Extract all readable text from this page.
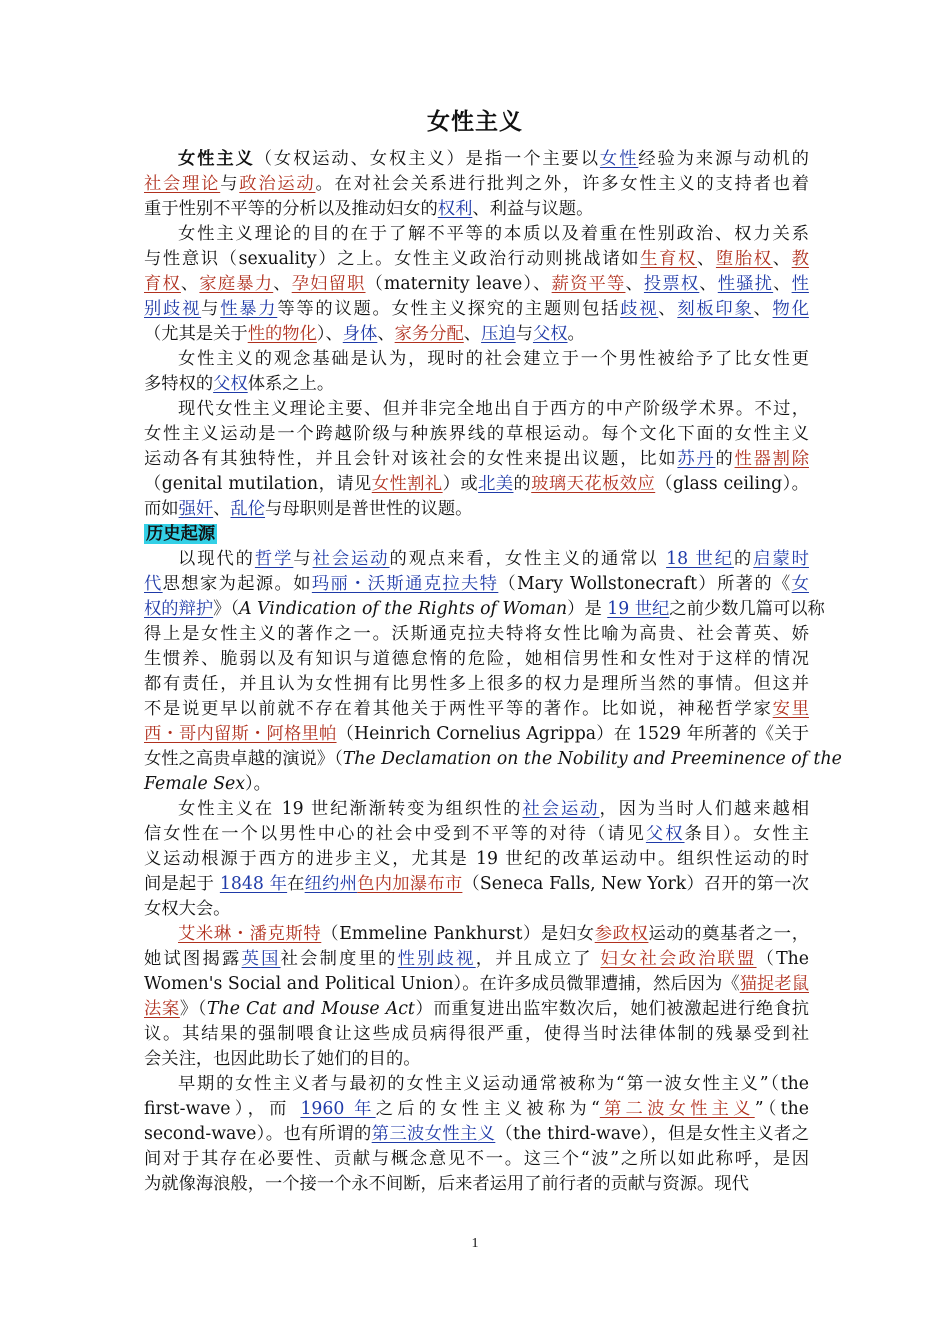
女性主义
女性主义（女权运动、女权主义）是指一个主要以女性经验为来源与动机的
社会理论与政治运动。在对社会关系进行批判之外，许多女性主义的支持者也着
重于性别不平等的分析以及推动妇女的权利、利益与议题。
女性主义理论的目的在于了解不平等的本质以及着重在性别政治、权力关系
与性意识（sexuality）之上。女性主义政治行动则挑战诸如生育权、堕胎权、教
育权、家庭暴力、孕妇留职（maternity leave）、薪资平等、投票权、性骚扰、性
别歧视与性暴力等等的议题。女性主义探究的主题则包括歧视、刻板印象、物化
（尤其是关于性的物化）、身体、家务分配、压迫与父权。
女性主义的观念基础是认为，现时的社会建立于一个男性被给予了比女性更
多特权的父权体系之上。
现代女性主义理论主要、但并非完全地出自于西方的中产阶级学术界。不过，
女性主义运动是一个跨越阶级与种族界线的草根运动。每个文化下面的女性主义
运动各有其独特性，并且会针对该社会的女性来提出议题，比如苏丹的性器割除
（genital mutilation，请见女性割礼）或北美的玻璃天花板效应（glass ceiling）。
而如强奸、乱伦与母职则是普世性的议题。
历史起源
以现代的哲学与社会运动的观点来看，女性主义的通常以 18 世纪的启蒙时
代思想家为起源。如玛丽・沃斯通克拉夫特（Mary Wollstonecraft）所著的《女
权的辩护》（A Vindication of the Rights of Woman）是 19 世纪之前少数几篇可以称
得上是女性主义的著作之一。沃斯通克拉夫特将女性比喻为高贵、社会菁英、娇
生惯养、脆弱以及有知识与道德怠惰的危险，她相信男性和女性对于这样的情况
都有责任，并且认为女性拥有比男性多上很多的权力是理所当然的事情。但这并
不是说更早以前就不存在着其他关于两性平等的著作。比如说，神秘哲学家安里
西・哥内留斯・阿格里帕（Heinrich Cornelius Agrippa）在 1529 年所著的《关于
女性之高贵卓越的演说》（The Declamation on the Nobility and Preeminence of the
Female Sex）。
女性主义在 19 世纪渐渐转变为组织性的社会运动，因为当时人们越来越相
信女性在一个以男性中心的社会中受到不平等的对待（请见父权条目）。女性主
义运动根源于西方的进步主义，尤其是 19 世纪的改革运动中。组织性运动的时
间是起于 1848 年在纽约州色内加瀑布市（Seneca Falls, New York）召开的第一次
女权大会。
艾米琳・潘克斯特（Emmeline Pankhurst）是妇女参政权运动的奠基者之一，
她试图揭露英国社会制度里的性别歧视，并且成立了 妇女社会政治联盟（The
Women's Social and Political Union）。在许多成员微罪遭捕，然后因为《猫捉老鼠
法案》（The Cat and Mouse Act）而重复进出监牢数次后，她们被激起进行绝食抗
议。其结果的强制喂食让这些成员病得很严重，使得当时法律体制的残暴受到社
会关注，也因此助长了她们的目的。
早期的女性主义者与最初的女性主义运动通常被称为“第一波女性主义”（the
first-wave），而 1960 年之后的女性主义被称为“第二波女性主义”（the
second-wave）。也有所谓的第三波女性主义（the third-wave），但是女性主义者之
间对于其存在必要性、贡献与概念意见不一。这三个“波”之所以如此称呼，是因
为就像海浪般，一个接一个永不间断，后来者运用了前行者的贡献与资源。现代
1
